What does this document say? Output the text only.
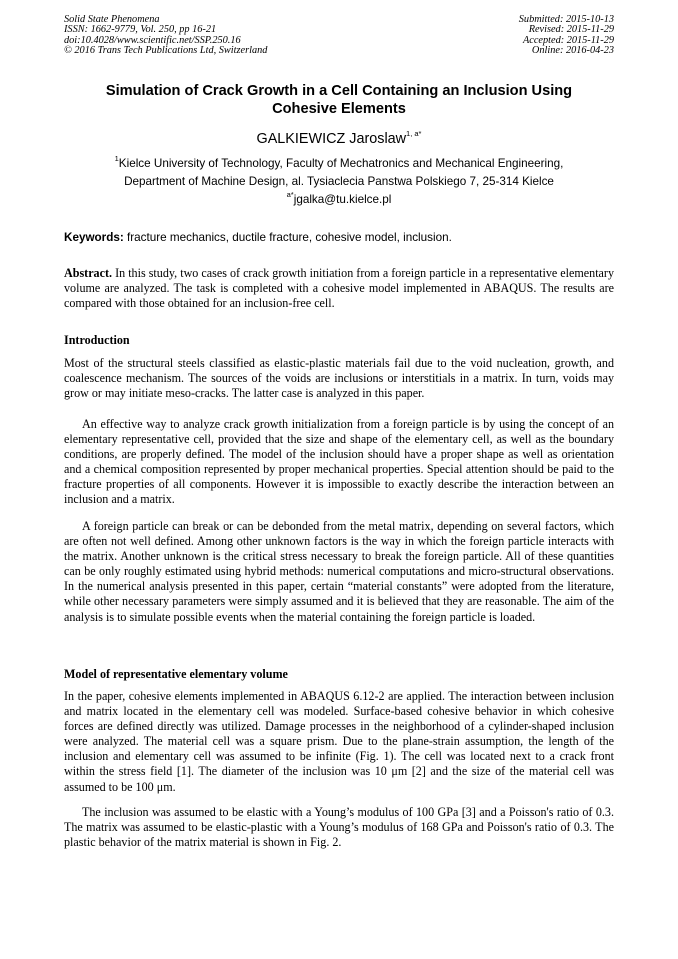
Solid State Phenomena
ISSN: 1662-9779, Vol. 250, pp 16-21
doi:10.4028/www.scientific.net/SSP.250.16
© 2016 Trans Tech Publications Ltd, Switzerland
Submitted: 2015-10-13
Revised: 2015-11-29
Accepted: 2015-11-29
Online: 2016-04-23
Simulation of Crack Growth in a Cell Containing an Inclusion Using
Cohesive Elements
GALKIEWICZ Jaroslaw$^{1, a*}$
$^1$Kielce University of Technology, Faculty of Mechatronics and Mechanical Engineering,
Department of Machine Design, al. Tysiaclecia Panstwa Polskiego 7, 25-314 Kielce
$^{a*}$jgalka@tu.kielce.pl
Keywords: fracture mechanics, ductile fracture, cohesive model, inclusion.

Abstract. In this study, two cases of crack growth initiation from a foreign particle in a representative elementary volume are analyzed. The task is completed with a cohesive model implemented in ABAQUS. The results are compared with those obtained for an inclusion-free cell.

Introduction

Most of the structural steels classified as elastic-plastic materials fail due to the void nucleation, growth, and coalescence mechanism. The sources of the voids are inclusions or interstitials in a matrix. In turn, voids may grow or may initiate meso-cracks. The latter case is analyzed in this paper.

An effective way to analyze crack growth initialization from a foreign particle is by using the concept of an elementary representative cell, provided that the size and shape of the elementary cell, as well as the boundary conditions, are properly defined. The model of the inclusion should have a proper shape as well as orientation and a chemical composition represented by proper mechanical properties. Special attention should be paid to the fracture properties of all components. However it is impossible to exactly describe the interaction between an inclusion and a matrix.

A foreign particle can break or can be debonded from the metal matrix, depending on several factors, which are often not well defined. Among other unknown factors is the way in which the foreign particle interacts with the matrix. Another unknown is the critical stress necessary to break the foreign particle. All of these quantities can be only roughly estimated using hybrid methods: numerical computations and micro-structural observations. In the numerical analysis presented in this paper, certain “material constants” were adopted from the literature, while other necessary parameters were simply assumed and it is believed that they are reasonable. The aim of the analysis is to simulate possible events when the material containing the foreign particle is loaded.

Model of representative elementary volume

In the paper, cohesive elements implemented in ABAQUS 6.12-2 are applied. The interaction between inclusion and matrix located in the elementary cell was modeled. Surface-based cohesive behavior in which cohesive forces are defined directly was utilized. Damage processes in the neighborhood of a cylinder-shaped inclusion were analyzed. The material cell was a square prism. Due to the plane-strain assumption, the length of the inclusion and elementary cell was assumed to be infinite (Fig. 1). The cell was located next to a crack front within the stress field [1]. The diameter of the inclusion was 10 μm [2] and the size of the material cell was assumed to be 100 μm.

The inclusion was assumed to be elastic with a Young’s modulus of 100 GPa [3] and a Poisson's ratio of 0.3. The matrix was assumed to be elastic-plastic with a Young’s modulus of 168 GPa and Poisson's ratio of 0.3. The plastic behavior of the matrix material is shown in Fig. 2.
